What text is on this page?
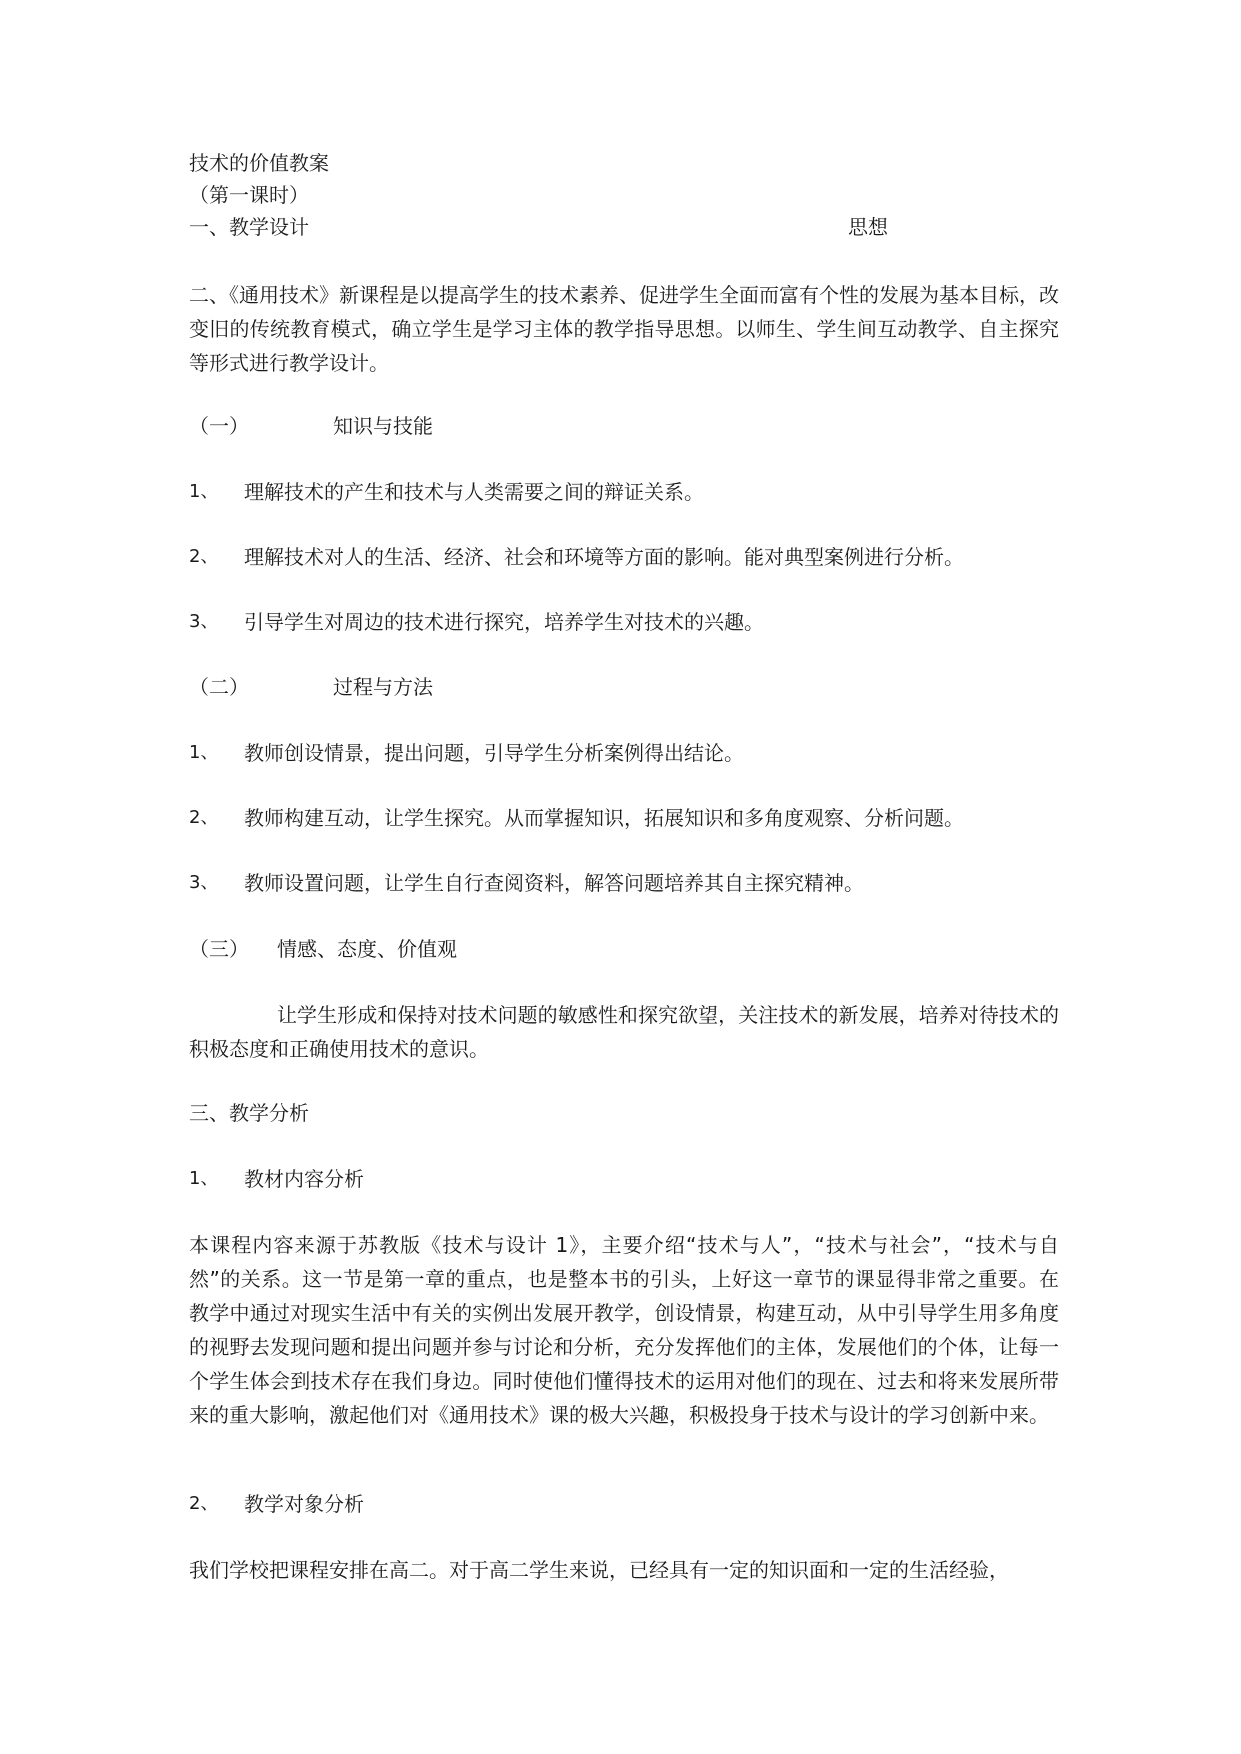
技术的价值教案
（第一课时）
一、教学设计	思想
二、《通用技术》新课程是以提高学生的技术素养、促进学生全面而富有个性的发展为基本目标，改变旧的传统教育模式，确立学生是学习主体的教学指导思想。以师生、学生间互动教学、自主探究等形式进行教学设计。
（一）	知识与技能
1、 理解技术的产生和技术与人类需要之间的辩证关系。
2、 理解技术对人的生活、经济、社会和环境等方面的影响。能对典型案例进行分析。
3、 引导学生对周边的技术进行探究，培养学生对技术的兴趣。
（二）	过程与方法
1、 教师创设情景，提出问题，引导学生分析案例得出结论。
2、 教师构建互动，让学生探究。从而掌握知识，拓展知识和多角度观察、分析问题。
3、 教师设置问题，让学生自行查阅资料，解答问题培养其自主探究精神。
（三） 情感、态度、价值观
让学生形成和保持对技术问题的敏感性和探究欲望，关注技术的新发展，培养对待技术的积极态度和正确使用技术的意识。
三、教学分析
1、 教材内容分析
本课程内容来源于苏教版《技术与设计 1》，主要介绍“技术与人”，“技术与社会”，“技术与自然”的关系。这一节是第一章的重点，也是整本书的引头，上好这一章节的课显得非常之重要。在教学中通过对现实生活中有关的实例出发展开教学，创设情景，构建互动，从中引导学生用多角度的视野去发现问题和提出问题并参与讨论和分析，充分发挥他们的主体，发展他们的个体，让每一个学生体会到技术存在我们身边。同时使他们懂得技术的运用对他们的现在、过去和将来发展所带来的重大影响，激起他们对《通用技术》课的极大兴趣，积极投身于技术与设计的学习创新中来。
2、 教学对象分析
我们学校把课程安排在高二。对于高二学生来说，已经具有一定的知识面和一定的生活经验，
